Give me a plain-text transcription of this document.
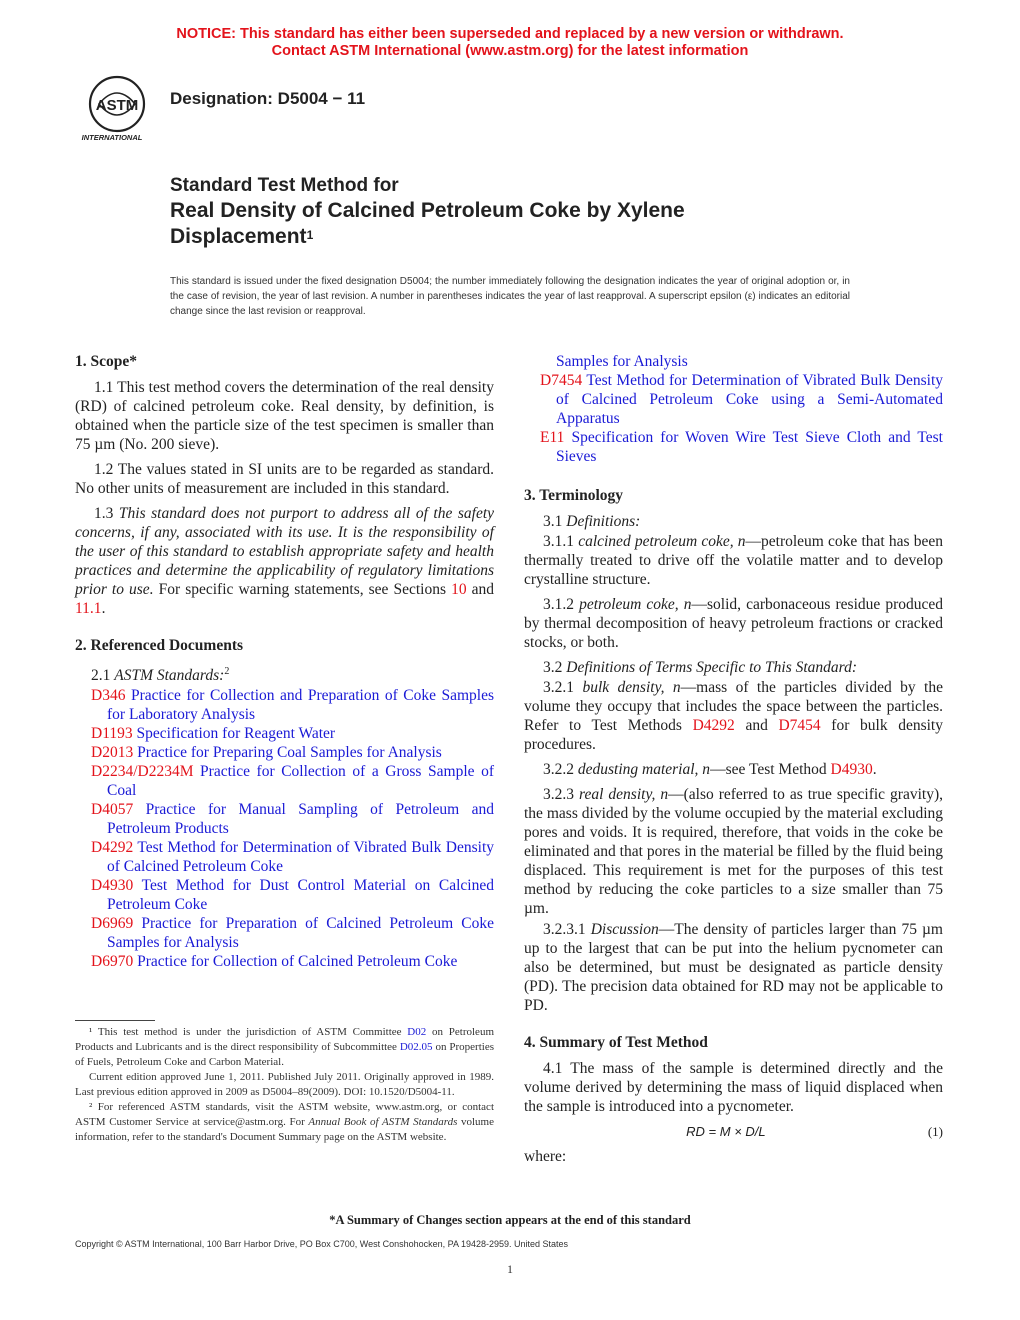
NOTICE: This standard has either been superseded and replaced by a new version or withdrawn.
Contact ASTM International (www.astm.org) for the latest information
ASTM
INTERNATIONAL
Designation: D5004 − 11
Standard Test Method for
Real Density of Calcined Petroleum Coke by Xylene
Displacement$^1$
This standard is issued under the fixed designation D5004; the number immediately following the designation indicates the year of original adoption or, in the case of revision, the year of last revision. A number in parentheses indicates the year of last reapproval. A superscript epsilon (ε) indicates an editorial change since the last revision or reapproval.
1. Scope*
1.1 This test method covers the determination of the real density (RD) of calcined petroleum coke. Real density, by definition, is obtained when the particle size of the test specimen is smaller than 75 µm (No. 200 sieve).
1.2 The values stated in SI units are to be regarded as standard. No other units of measurement are included in this standard.
1.3 This standard does not purport to address all of the safety concerns, if any, associated with its use. It is the responsibility of the user of this standard to establish appropriate safety and health practices and determine the applicability of regulatory limitations prior to use. For specific warning statements, see Sections 10 and 11.1.
2. Referenced Documents
2.1 ASTM Standards:$^2$
D346 Practice for Collection and Preparation of Coke Samples for Laboratory Analysis
D1193 Specification for Reagent Water
D2013 Practice for Preparing Coal Samples for Analysis
D2234/D2234M Practice for Collection of a Gross Sample of Coal
D4057 Practice for Manual Sampling of Petroleum and Petroleum Products
D4292 Test Method for Determination of Vibrated Bulk Density of Calcined Petroleum Coke
D4930 Test Method for Dust Control Material on Calcined Petroleum Coke
D6969 Practice for Preparation of Calcined Petroleum Coke Samples for Analysis
D6970 Practice for Collection of Calcined Petroleum Coke

¹ This test method is under the jurisdiction of ASTM Committee D02 on Petroleum Products and Lubricants and is the direct responsibility of Subcommittee D02.05 on Properties of Fuels, Petroleum Coke and Carbon Material.

Current edition approved June 1, 2011. Published July 2011. Originally approved in 1989. Last previous edition approved in 2009 as D5004–89(2009). DOI: 10.1520/D5004-11.

² For referenced ASTM standards, visit the ASTM website, www.astm.org, or contact ASTM Customer Service at service@astm.org. For Annual Book of ASTM Standards volume information, refer to the standard's Document Summary page on the ASTM website.

Samples for Analysis
D7454 Test Method for Determination of Vibrated Bulk Density of Calcined Petroleum Coke using a Semi-Automated Apparatus
E11 Specification for Woven Wire Test Sieve Cloth and Test Sieves
3. Terminology
3.1 Definitions:
3.1.1 calcined petroleum coke, n—petroleum coke that has been thermally treated to drive off the volatile matter and to develop crystalline structure.
3.1.2 petroleum coke, n—solid, carbonaceous residue produced by thermal decomposition of heavy petroleum fractions or cracked stocks, or both.
3.2 Definitions of Terms Specific to This Standard:
3.2.1 bulk density, n—mass of the particles divided by the volume they occupy that includes the space between the particles. Refer to Test Methods D4292 and D7454 for bulk density procedures.
3.2.2 dedusting material, n—see Test Method D4930.
3.2.3 real density, n—(also referred to as true specific gravity), the mass divided by the volume occupied by the material excluding pores and voids. It is required, therefore, that voids in the coke be eliminated and that pores in the material be filled by the fluid being displaced. This requirement is met for the purposes of this test method by reducing the coke particles to a size smaller than 75 µm.
3.2.3.1 Discussion—The density of particles larger than 75 µm up to the largest that can be put into the helium pycnometer can also be determined, but must be designated as particle density (PD). The precision data obtained for RD may not be applicable to PD.
4. Summary of Test Method
4.1 The mass of the sample is determined directly and the volume derived by determining the mass of liquid displaced when the sample is introduced into a pycnometer.
RD = M × D/L	(1)
where:
*A Summary of Changes section appears at the end of this standard
Copyright © ASTM International, 100 Barr Harbor Drive, PO Box C700, West Conshohocken, PA 19428-2959. United States
1
